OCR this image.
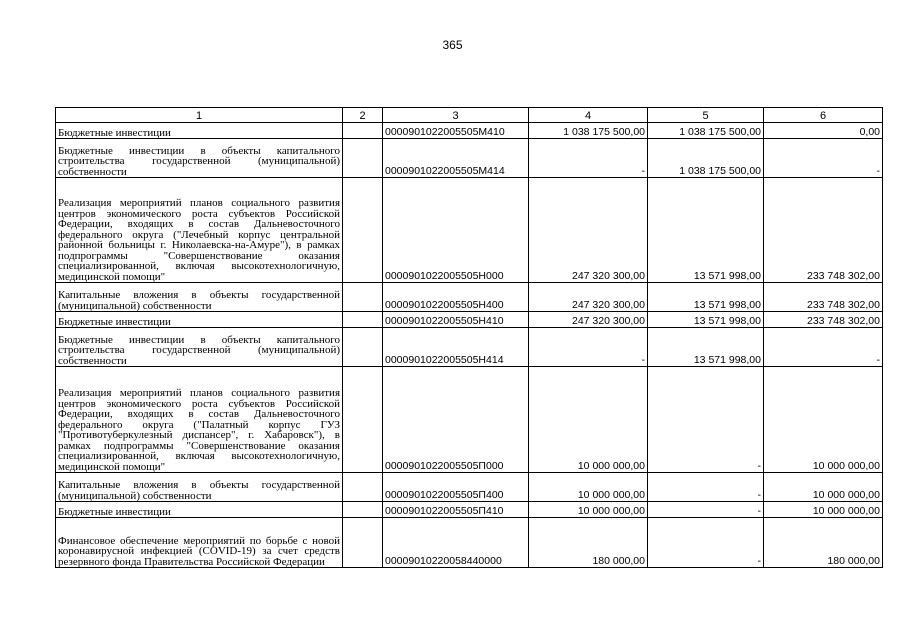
365
1	2	3	4	5	6
Бюджетные инвестиции		0000901022005505М410	1 038 175 500,00	1 038 175 500,00	0,00
Бюджетные инвестиции в объекты капитального строительства государственной (муниципальной) собственности		0000901022005505М414	-	1 038 175 500,00	-
Реализация мероприятий планов социального развития центров экономического роста субъектов Российской Федерации, входящих в состав Дальневосточного федерального округа ("Лечебный корпус центральной районной больницы г. Николаевска-на-Амуре"), в рамках подпрограммы "Совершенствование оказания специализированной, включая высокотехнологичную, медицинской помощи"		0000901022005505Н000	247 320 300,00	13 571 998,00	233 748 302,00
Капитальные вложения в объекты государственной (муниципальной) собственности		0000901022005505Н400	247 320 300,00	13 571 998,00	233 748 302,00
Бюджетные инвестиции		0000901022005505Н410	247 320 300,00	13 571 998,00	233 748 302,00
Бюджетные инвестиции в объекты капитального строительства государственной (муниципальной) собственности		0000901022005505Н414	-	13 571 998,00	-
Реализация мероприятий планов социального развития центров экономического роста субъектов Российской Федерации, входящих в состав Дальневосточного федерального округа ("Палатный корпус ГУЗ "Противотуберкулезный диспансер", г. Хабаровск"), в рамках подпрограммы "Совершенствование оказания специализированной, включая высокотехнологичную, медицинской помощи"		0000901022005505П000	10 000 000,00	-	10 000 000,00
Капитальные вложения в объекты государственной (муниципальной) собственности		0000901022005505П400	10 000 000,00	-	10 000 000,00
Бюджетные инвестиции		0000901022005505П410	10 000 000,00	-	10 000 000,00
Финансовое обеспечение мероприятий по борьбе с новой коронавирусной инфекцией (COVID-19) за счет средств резервного фонда Правительства Российской Федерации		00009010220058440000	180 000,00	-	180 000,00
